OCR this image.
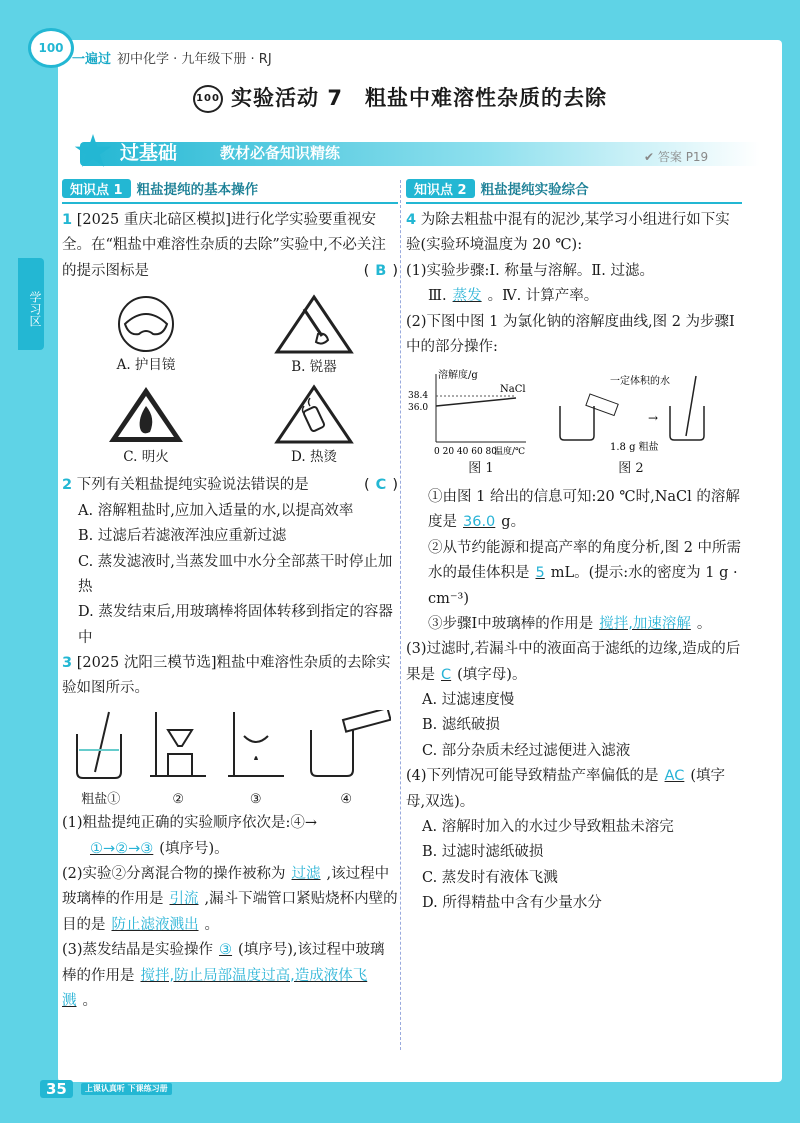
100
一遍过 初中化学 · 九年级下册 · RJ
100 实验活动 7　粗盐中难溶性杂质的去除
过基础	教材必备知识精练	✔ 答案 P19
学习区
知识点 1 粗盐提纯的基本操作
1 [2025 重庆北碚区模拟]进行化学实验要重视安全。在“粗盐中难溶性杂质的去除”实验中,不必关注的提示图标是	( B )
A. 护目镜	B. 锐器
C. 明火	D. 热烫
2 下列有关粗盐提纯实验说法错误的是	( C )
A. 溶解粗盐时,应加入适量的水,以提高效率
B. 过滤后若滤液浑浊应重新过滤
C. 蒸发滤液时,当蒸发皿中水分全部蒸干时停止加热
D. 蒸发结束后,用玻璃棒将固体转移到指定的容器中
3 [2025 沈阳三模节选]粗盐中难溶性杂质的去除实验如图所示。
粗盐①	②	③	④
(1)粗盐提纯正确的实验顺序依次是:④→
①→②→③ (填序号)。
(2)实验②分离混合物的操作被称为 过滤 ,该过程中玻璃棒的作用是 引流 ,漏斗下端管口紧贴烧杯内壁的目的是 防止滤液溅出 。
(3)蒸发结晶是实验操作 ③ (填序号),该过程中玻璃棒的作用是 搅拌,防止局部温度过高,造成液体飞溅 。
知识点 2 粗盐提纯实验综合
4 为除去粗盐中混有的泥沙,某学习小组进行如下实验(实验环境温度为 20 ℃):
(1)实验步骤:Ⅰ. 称量与溶解。Ⅱ. 过滤。
Ⅲ. 蒸发 。Ⅳ. 计算产率。
(2)下图中图 1 为氯化钠的溶解度曲线,图 2 为步骤Ⅰ中的部分操作:
溶解度/g
NaCl
38.4
36.0
0 20 40 60 80
温度/℃
一定体积的水
1.8 g 粗盐
→
图 1	图 2
①由图 1 给出的信息可知:20 ℃时,NaCl 的溶解度是 36.0 g。
②从节约能源和提高产率的角度分析,图 2 中所需水的最佳体积是 5 mL。(提示:水的密度为 1 g · cm⁻³)
③步骤Ⅰ中玻璃棒的作用是 搅拌,加速溶解 。
(3)过滤时,若漏斗中的液面高于滤纸的边缘,造成的后果是 C (填字母)。
A. 过滤速度慢
B. 滤纸破损
C. 部分杂质未经过滤便进入滤液
(4)下列情况可能导致精盐产率偏低的是 AC (填字母,双选)。
A. 溶解时加入的水过少导致粗盐未溶完
B. 过滤时滤纸破损
C. 蒸发时有液体飞溅
D. 所得精盐中含有少量水分
35	上课认真听 下课练习册
